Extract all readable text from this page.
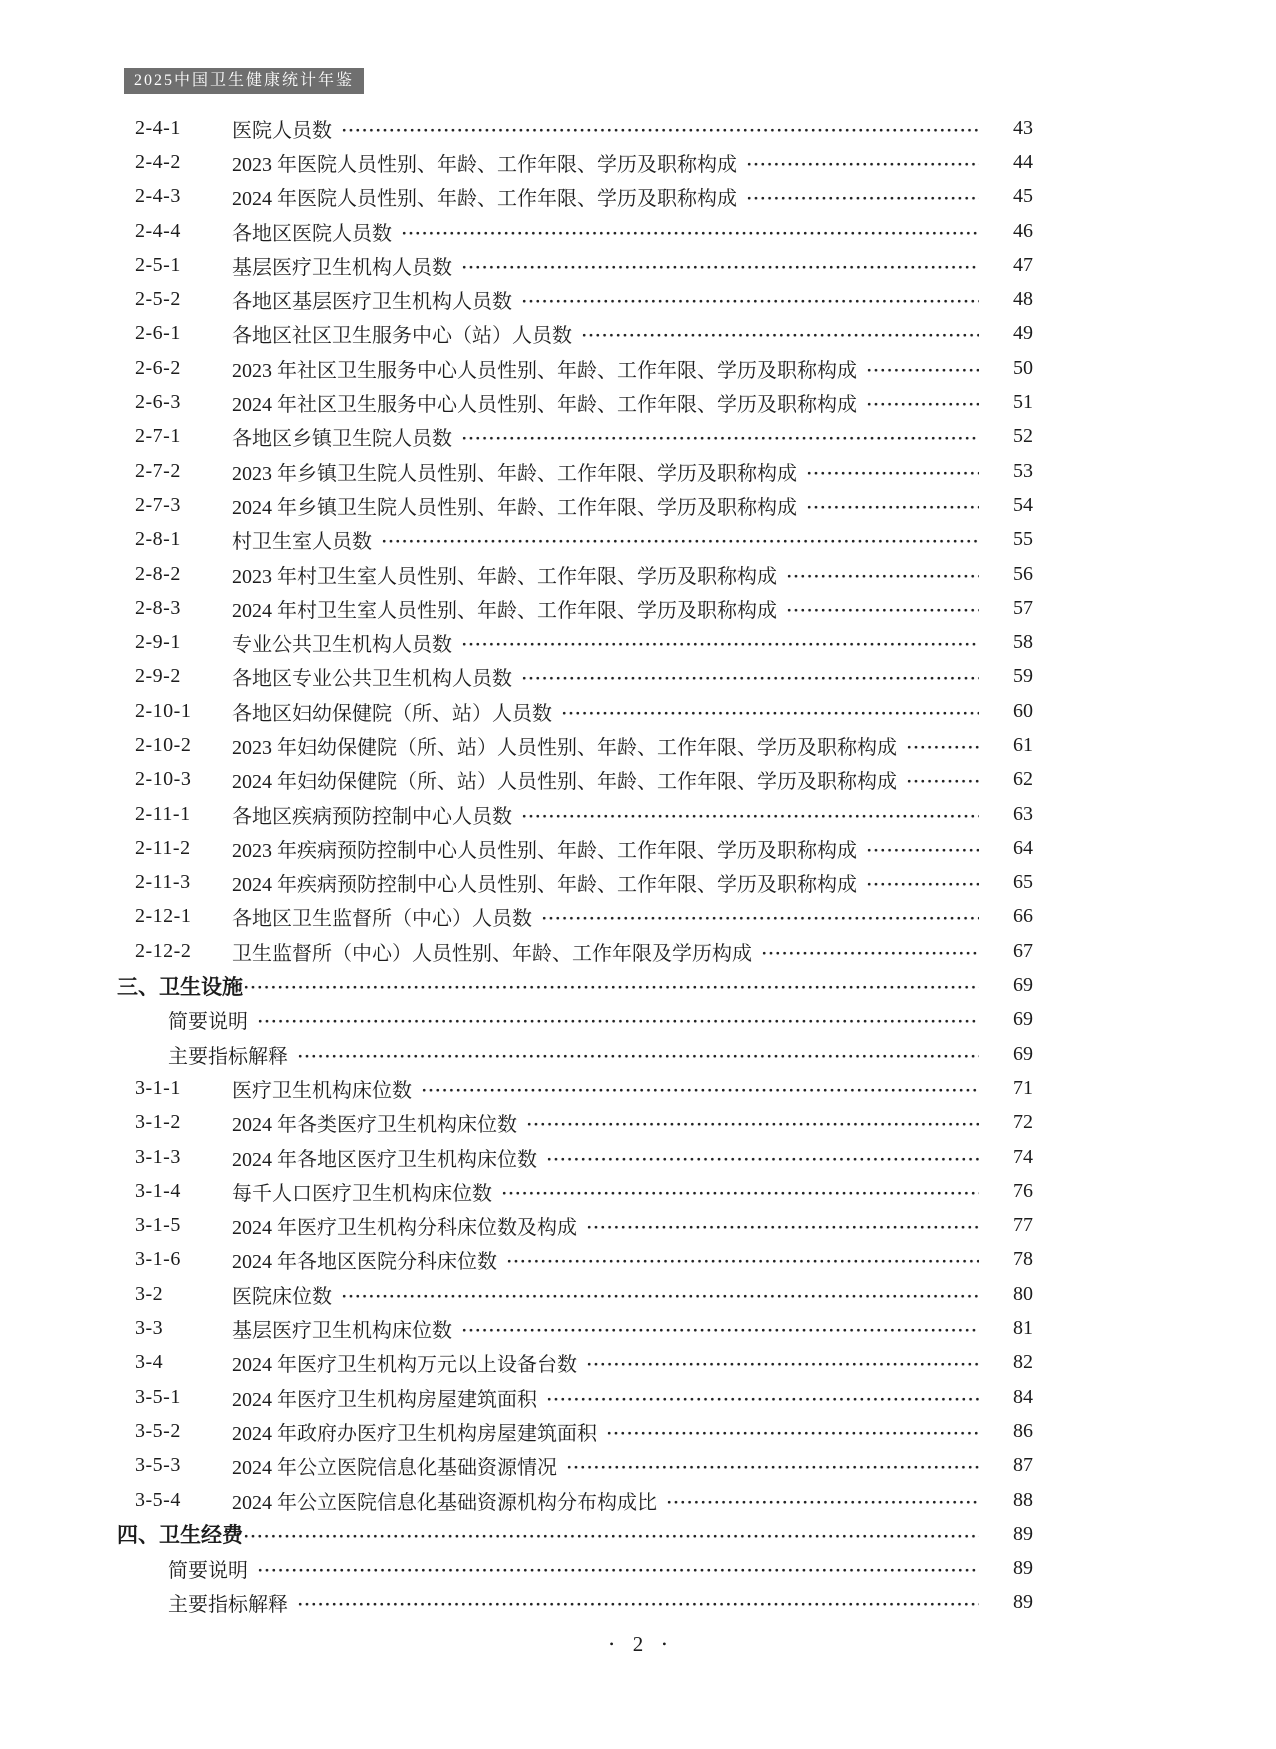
2025中国卫生健康统计年鉴
2-4-1	医院人员数	43
2-4-2	2023 年医院人员性别、年龄、工作年限、学历及职称构成	44
2-4-3	2024 年医院人员性别、年龄、工作年限、学历及职称构成	45
2-4-4	各地区医院人员数	46
2-5-1	基层医疗卫生机构人员数	47
2-5-2	各地区基层医疗卫生机构人员数	48
2-6-1	各地区社区卫生服务中心（站）人员数	49
2-6-2	2023 年社区卫生服务中心人员性别、年龄、工作年限、学历及职称构成	50
2-6-3	2024 年社区卫生服务中心人员性别、年龄、工作年限、学历及职称构成	51
2-7-1	各地区乡镇卫生院人员数	52
2-7-2	2023 年乡镇卫生院人员性别、年龄、工作年限、学历及职称构成	53
2-7-3	2024 年乡镇卫生院人员性别、年龄、工作年限、学历及职称构成	54
2-8-1	村卫生室人员数	55
2-8-2	2023 年村卫生室人员性别、年龄、工作年限、学历及职称构成	56
2-8-3	2024 年村卫生室人员性别、年龄、工作年限、学历及职称构成	57
2-9-1	专业公共卫生机构人员数	58
2-9-2	各地区专业公共卫生机构人员数	59
2-10-1	各地区妇幼保健院（所、站）人员数	60
2-10-2	2023 年妇幼保健院（所、站）人员性别、年龄、工作年限、学历及职称构成	61
2-10-3	2024 年妇幼保健院（所、站）人员性别、年龄、工作年限、学历及职称构成	62
2-11-1	各地区疾病预防控制中心人员数	63
2-11-2	2023 年疾病预防控制中心人员性别、年龄、工作年限、学历及职称构成	64
2-11-3	2024 年疾病预防控制中心人员性别、年龄、工作年限、学历及职称构成	65
2-12-1	各地区卫生监督所（中心）人员数	66
2-12-2	卫生监督所（中心）人员性别、年龄、工作年限及学历构成	67
三、卫生设施	69
简要说明	69
主要指标解释	69
3-1-1	医疗卫生机构床位数	71
3-1-2	2024 年各类医疗卫生机构床位数	72
3-1-3	2024 年各地区医疗卫生机构床位数	74
3-1-4	每千人口医疗卫生机构床位数	76
3-1-5	2024 年医疗卫生机构分科床位数及构成	77
3-1-6	2024 年各地区医院分科床位数	78
3-2	医院床位数	80
3-3	基层医疗卫生机构床位数	81
3-4	2024 年医疗卫生机构万元以上设备台数	82
3-5-1	2024 年医疗卫生机构房屋建筑面积	84
3-5-2	2024 年政府办医疗卫生机构房屋建筑面积	86
3-5-3	2024 年公立医院信息化基础资源情况	87
3-5-4	2024 年公立医院信息化基础资源机构分布构成比	88
四、卫生经费	89
简要说明	89
主要指标解释	89
• 2 •
